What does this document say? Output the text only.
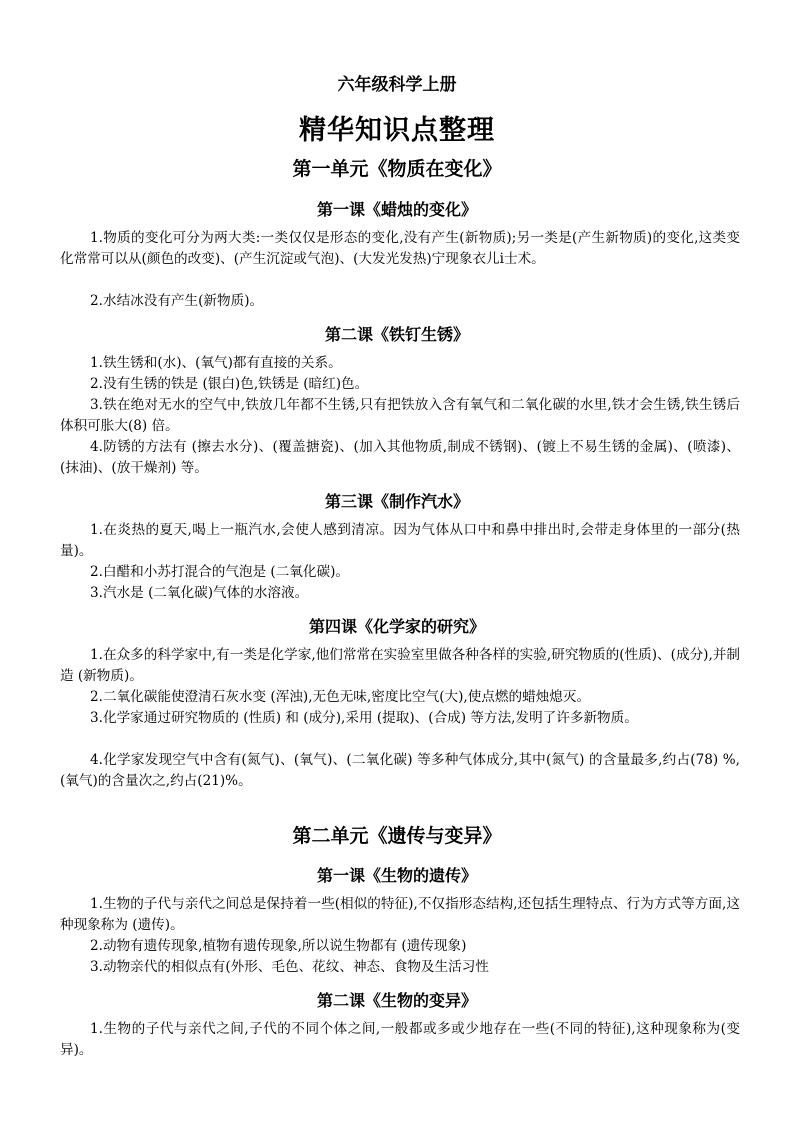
六年级科学上册
精华知识点整理
第一单元《物质在变化》
第一课《蜡烛的变化》
1.物质的变化可分为两大类:一类仅仅是形态的变化,没有产生(新物质);另一类是(产生新物质)的变化,这类变化常常可以从(颜色的改变)、(产生沉淀或气泡)、(大发光发热)宁现象衣儿ⅰ士术。
2.水结冰没有产生(新物质)。
第二课《铁钉生锈》
1.铁生锈和(水)、(氧气)都有直接的关系。
2.没有生锈的铁是 (银白)色,铁锈是 (暗红)色。
3.铁在绝对无水的空气中,铁放几年都不生锈,只有把铁放入含有氧气和二氧化碳的水里,铁才会生锈,铁生锈后体积可胀大(8) 倍。
4.防锈的方法有 (擦去水分)、(覆盖搪瓷)、(加入其他物质,制成不锈钢)、(镀上不易生锈的金属)、(喷漆)、(抹油)、(放干燥剂) 等。
第三课《制作汽水》
1.在炎热的夏天,喝上一瓶汽水,会使人感到清凉。因为气体从口中和鼻中排出时,会带走身体里的一部分(热量)。
2.白醋和小苏打混合的气泡是 (二氧化碳)。
3.汽水是 (二氧化碳)气体的水溶液。
第四课《化学家的研究》
1.在众多的科学家中,有一类是化学家,他们常常在实验室里做各种各样的实验,研究物质的(性质)、(成分),并制造 (新物质)。
2.二氧化碳能使澄清石灰水变 (浑浊),无色无味,密度比空气(大),使点燃的蜡烛熄灭。
3.化学家通过研究物质的 (性质) 和 (成分),采用 (提取)、(合成) 等方法,发明了许多新物质。
4.化学家发现空气中含有(氮气)、(氧气)、(二氧化碳) 等多种气体成分,其中(氮气) 的含量最多,约占(78) %,(氧气)的含量次之,约占(21)%。
第二单元《遗传与变异》
第一课《生物的遗传》
1.生物的子代与亲代之间总是保持着一些(相似的特征),不仅指形态结构,还包括生理特点、行为方式等方面,这种现象称为 (遗传)。
2.动物有遗传现象,植物有遗传现象,所以说生物都有 (遗传现象)
3.动物亲代的相似点有(外形、毛色、花纹、神态、食物及生活习性
第二课《生物的变异》
1.生物的子代与亲代之间,子代的不同个体之间,一般都或多或少地存在一些(不同的特征),这种现象称为(变异)。
